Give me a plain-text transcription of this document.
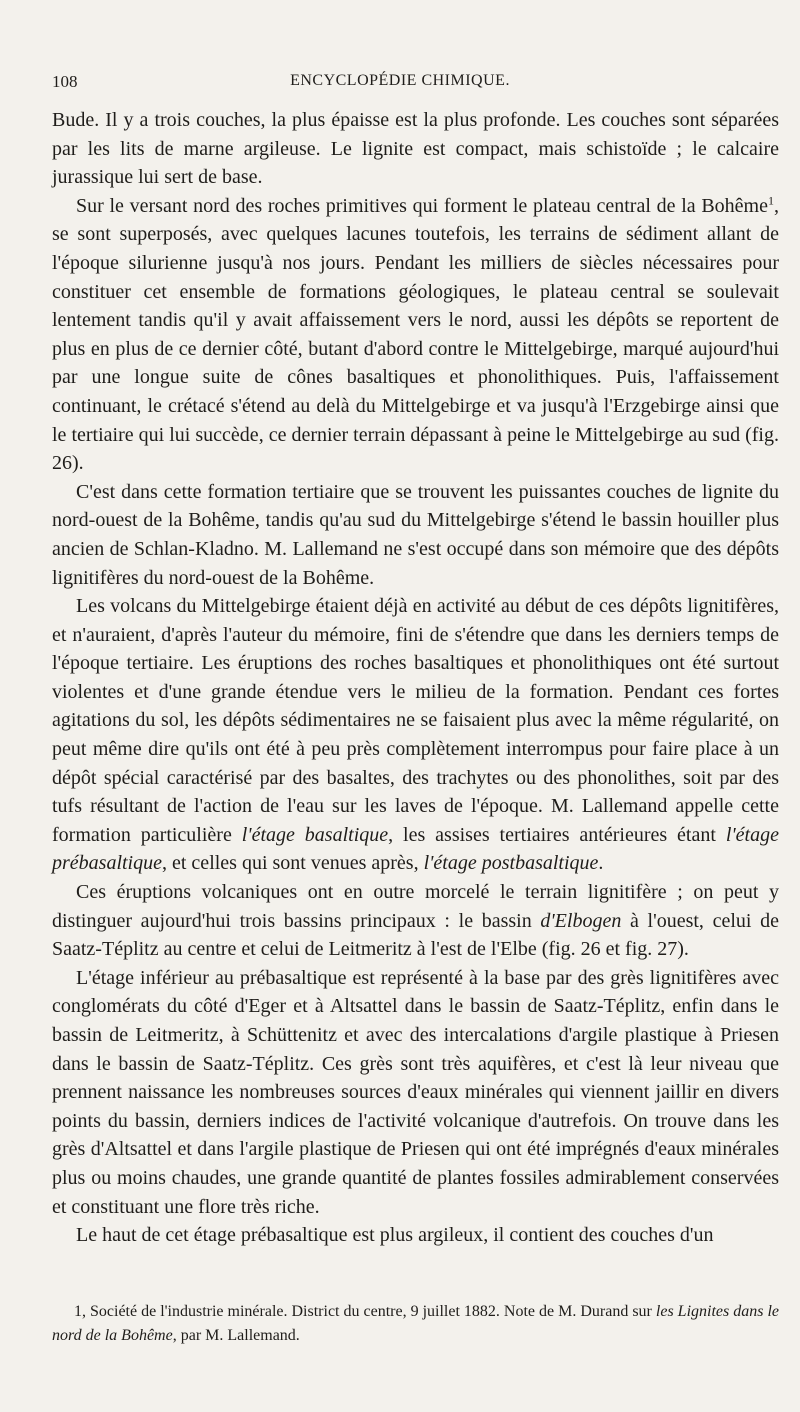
108	ENCYCLOPÉDIE CHIMIQUE.

Bude. Il y a trois couches, la plus épaisse est la plus profonde. Les couches sont séparées par les lits de marne argileuse. Le lignite est compact, mais schistoïde ; le calcaire jurassique lui sert de base.

Sur le versant nord des roches primitives qui forment le plateau central de la Bohême$^1$, se sont superposés, avec quelques lacunes toutefois, les terrains de sédiment allant de l'époque silurienne jusqu'à nos jours. Pendant les milliers de siècles nécessaires pour constituer cet ensemble de formations géologiques, le plateau central se soulevait lentement tandis qu'il y avait affaissement vers le nord, aussi les dépôts se reportent de plus en plus de ce dernier côté, butant d'abord contre le Mittelgebirge, marqué aujourd'hui par une longue suite de cônes basaltiques et phonolithiques. Puis, l'affaissement continuant, le crétacé s'étend au delà du Mittelgebirge et va jusqu'à l'Erzgebirge ainsi que le tertiaire qui lui succède, ce dernier terrain dépassant à peine le Mittelgebirge au sud (fig. 26).

C'est dans cette formation tertiaire que se trouvent les puissantes couches de lignite du nord-ouest de la Bohême, tandis qu'au sud du Mittelgebirge s'étend le bassin houiller plus ancien de Schlan-Kladno. M. Lallemand ne s'est occupé dans son mémoire que des dépôts lignitifères du nord-ouest de la Bohême.

Les volcans du Mittelgebirge étaient déjà en activité au début de ces dépôts lignitifères, et n'auraient, d'après l'auteur du mémoire, fini de s'étendre que dans les derniers temps de l'époque tertiaire. Les éruptions des roches basaltiques et phonolithiques ont été surtout violentes et d'une grande étendue vers le milieu de la formation. Pendant ces fortes agitations du sol, les dépôts sédimentaires ne se faisaient plus avec la même régularité, on peut même dire qu'ils ont été à peu près complètement interrompus pour faire place à un dépôt spécial caractérisé par des basaltes, des trachytes ou des phonolithes, soit par des tufs résultant de l'action de l'eau sur les laves de l'époque. M. Lallemand appelle cette formation particulière l'étage basaltique, les assises tertiaires antérieures étant l'étage prébasaltique, et celles qui sont venues après, l'étage postbasaltique.

Ces éruptions volcaniques ont en outre morcelé le terrain lignitifère ; on peut y distinguer aujourd'hui trois bassins principaux : le bassin d'Elbogen à l'ouest, celui de Saatz-Téplitz au centre et celui de Leitmeritz à l'est de l'Elbe (fig. 26 et fig. 27).

L'étage inférieur au prébasaltique est représenté à la base par des grès lignitifères avec conglomérats du côté d'Eger et à Altsattel dans le bassin de Saatz-Téplitz, enfin dans le bassin de Leitmeritz, à Schüttenitz et avec des intercalations d'argile plastique à Priesen dans le bassin de Saatz-Téplitz. Ces grès sont très aquifères, et c'est là leur niveau que prennent naissance les nombreuses sources d'eaux minérales qui viennent jaillir en divers points du bassin, derniers indices de l'activité volcanique d'autrefois. On trouve dans les grès d'Altsattel et dans l'argile plastique de Priesen qui ont été imprégnés d'eaux minérales plus ou moins chaudes, une grande quantité de plantes fossiles admirablement conservées et constituant une flore très riche.

Le haut de cet étage prébasaltique est plus argileux, il contient des couches d'un

1, Société de l'industrie minérale. District du centre, 9 juillet 1882. Note de M. Durand sur les Lignites dans le nord de la Bohême, par M. Lallemand.
